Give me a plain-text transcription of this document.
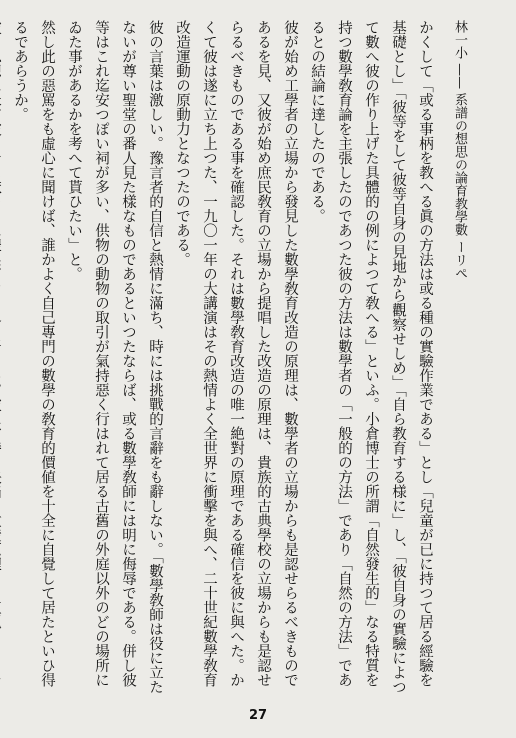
林一小 —— 系譜の想思の論育教學數 ーリペ

かくして「或る事柄を教へる眞の方法は或る種の實驗作業である」とし「兒童が已に持つて居る經驗を基礎とし」「彼等をして彼等自身の見地から觀察せしめ」「自ら教育する様に」し、「彼自身の實驗によつて數へ彼の作り上げた具體的の例によつて敎へる」といふ。小倉博士の所謂「自然發生的」なる特質を持つ數學敎育論を主張したのであつた彼の方法は數學者の「一般的の方法」であり「自然の方法」であるとの結論に達したのである。

彼が始め工學者の立場から發見した數學敎育改造の原理は、數學者の立場からも是認せらるべきものであるを見、又彼が始め庶民敎育の立場から提唱した改造の原理は、貴族的古典學校の立場からも是認せらるべきものである事を確認した。それは數學敎育改造の唯一絶對の原理である確信を彼に與へた。かくて彼は遂に立ち上つた、一九〇一年の大講演はその熱情よく全世界に衝擊を與へ、二十世紀數學敎育改造運動の原動力となつたのである。

彼の言葉は激しい。豫言者的自信と熱情に滿ち、時には挑戰的言辭をも辭しない。「數學敎師は役に立たないが尊い聖堂の番人見た樣なものであるといつたならば、或る數學敎師には明に侮辱である。併し彼等はこれ迄安つぽい祠が多い、供物の動物の取引が氣持惡く行はれて居る古舊の外庭以外のどの場所にゐた事があるかを考へて貰ひたい」と。

然し此の惡罵をも虛心に聞けば、誰かよく自己專門の數學の敎育的價値を十全に自覺して居たといひ得るであらうか。

27
